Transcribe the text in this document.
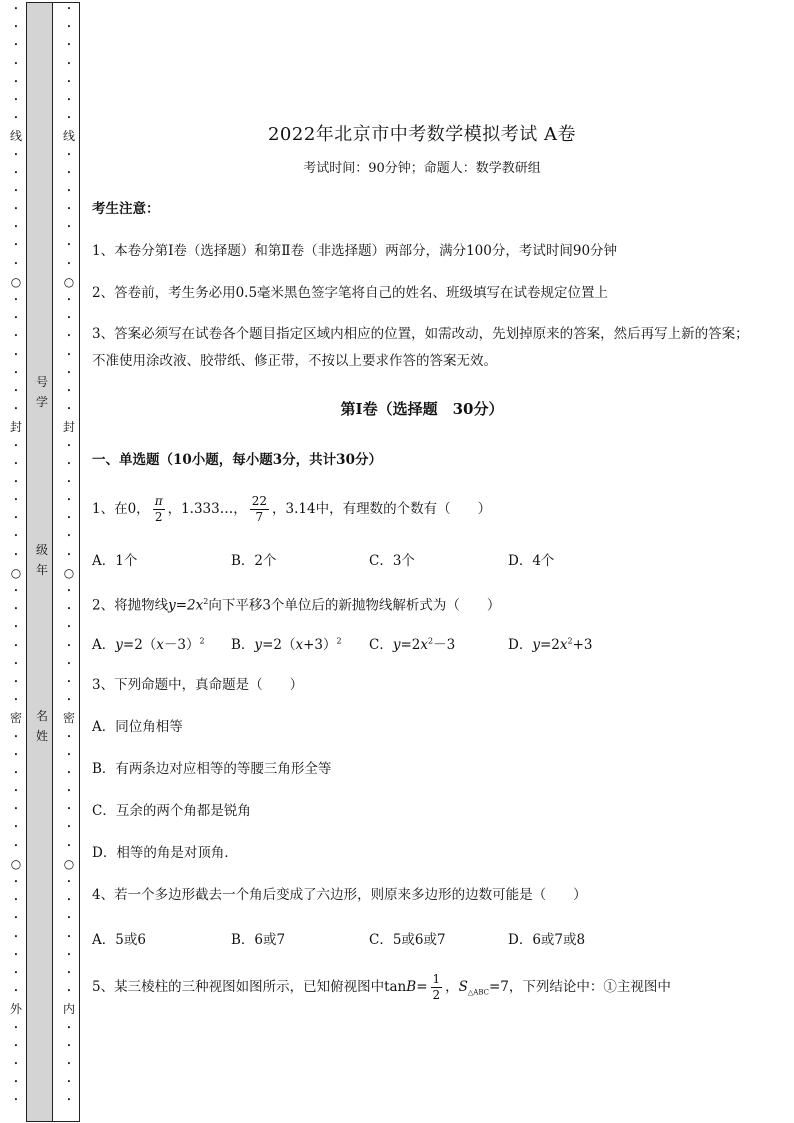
•
•
•
•
•
•
•
线
•
•
•
•
•
•
•
○
•
•
•
•
•
•
•
封
•
•
•
•
•
•
•
○
•
•
•
•
•
•
•
密
•
•
•
•
•
•
•
○
•
•
•
•
•
•
•
外
•
•
•
•
•
•
•
•
•
•
•
•
线
•
•
•
•
•
•
•
○
•
•
•
•
•
•
•
封
•
•
•
•
•
•
•
○
•
•
•
•
•
•
•
密
•
•
•
•
•
•
•
○
•
•
•
•
•
•
•
内
•
•
•
•
•
号学
级年
名姓
2022年北京市中考数学模拟考试 A卷
考试时间：90分钟；命题人：数学教研组
考生注意：
1、本卷分第I卷（选择题）和第Ⅱ卷（非选择题）两部分，满分100分，考试时间90分钟
2、答卷前，考生务必用0.5毫米黑色签字笔将自己的姓名、班级填写在试卷规定位置上
3、答案必须写在试卷各个题目指定区域内相应的位置，如需改动，先划掉原来的答案，然后再写上新的答案；不准使用涂改液、胶带纸、修正带，不按以上要求作答的答案无效。
第I卷（选择题　30分）
一、单选题（10小题，每小题3分，共计30分）
1、在0， $\frac{\pi}{2}$ ，1.333…， $\frac{22}{7}$ ，3.14中，有理数的个数有（　　）
A．1个	B．2个	C．3个	D．4个
2、将抛物线$y=2x^2$向下平移3个单位后的新抛物线解析式为（　　）
A．$y=2(x-3)^2$ B．$y=2(x+3)^2$ C．$y=2x^2-3$	D．$y=2x^2+3$
3、下列命题中，真命题是（　　）
A．同位角相等
B．有两条边对应相等的等腰三角形全等
C．互余的两个角都是锐角
D．相等的角是对顶角．
4、若一个多边形截去一个角后变成了六边形，则原来多边形的边数可能是（　　）
A．5或6	B．6或7	C．5或6或7	D．6或7或8
5、某三棱柱的三种视图如图所示，已知俯视图中$\tan B= \frac{1}{2}$ ，$S_{\triangle ABC}=7$，下列结论中：①主视图中
